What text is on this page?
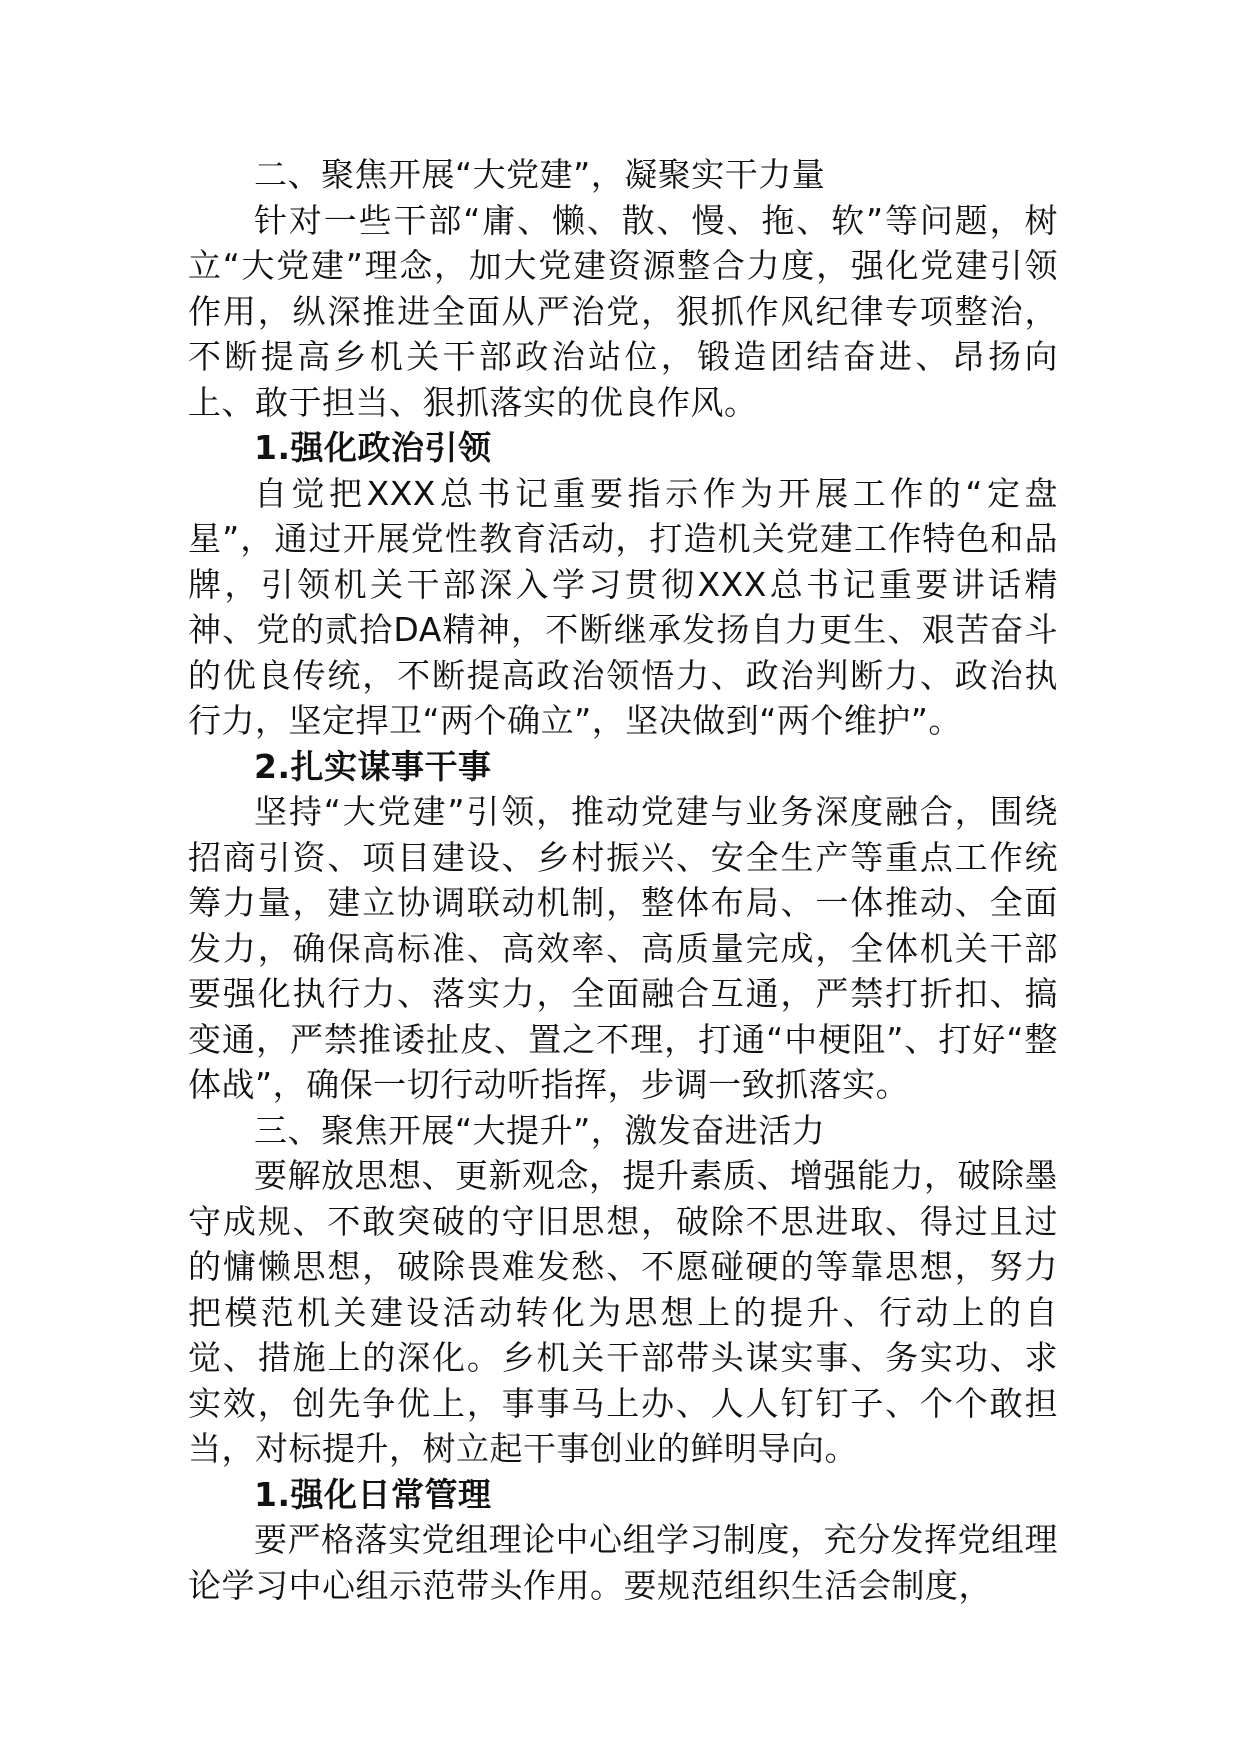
二、聚焦开展“大党建”，凝聚实干力量

针对一些干部“庸、懒、散、慢、拖、软”等问题，树立“大党建”理念，加大党建资源整合力度，强化党建引领作用，纵深推进全面从严治党，狠抓作风纪律专项整治，不断提高乡机关干部政治站位，锻造团结奋进、昂扬向上、敢于担当、狠抓落实的优良作风。

1.强化政治引领

自觉把XXX总书记重要指示作为开展工作的“定盘星”，通过开展党性教育活动，打造机关党建工作特色和品牌，引领机关干部深入学习贯彻XXX总书记重要讲话精神、党的贰拾DA精神，不断继承发扬自力更生、艰苦奋斗的优良传统，不断提高政治领悟力、政治判断力、政治执行力，坚定捍卫“两个确立”，坚决做到“两个维护”。

2.扎实谋事干事

坚持“大党建”引领，推动党建与业务深度融合，围绕招商引资、项目建设、乡村振兴、安全生产等重点工作统筹力量，建立协调联动机制，整体布局、一体推动、全面发力，确保高标准、高效率、高质量完成，全体机关干部要强化执行力、落实力，全面融合互通，严禁打折扣、搞变通，严禁推诿扯皮、置之不理，打通“中梗阻”、打好“整体战”，确保一切行动听指挥，步调一致抓落实。

三、聚焦开展“大提升”，激发奋进活力

要解放思想、更新观念，提升素质、增强能力，破除墨守成规、不敢突破的守旧思想，破除不思进取、得过且过的慵懒思想，破除畏难发愁、不愿碰硬的等靠思想，努力把模范机关建设活动转化为思想上的提升、行动上的自觉、措施上的深化。乡机关干部带头谋实事、务实功、求实效，创先争优上，事事马上办、人人钉钉子、个个敢担当，对标提升，树立起干事创业的鲜明导向。

1.强化日常管理

要严格落实党组理论中心组学习制度，充分发挥党组理论学习中心组示范带头作用。要规范组织生活会制度，
